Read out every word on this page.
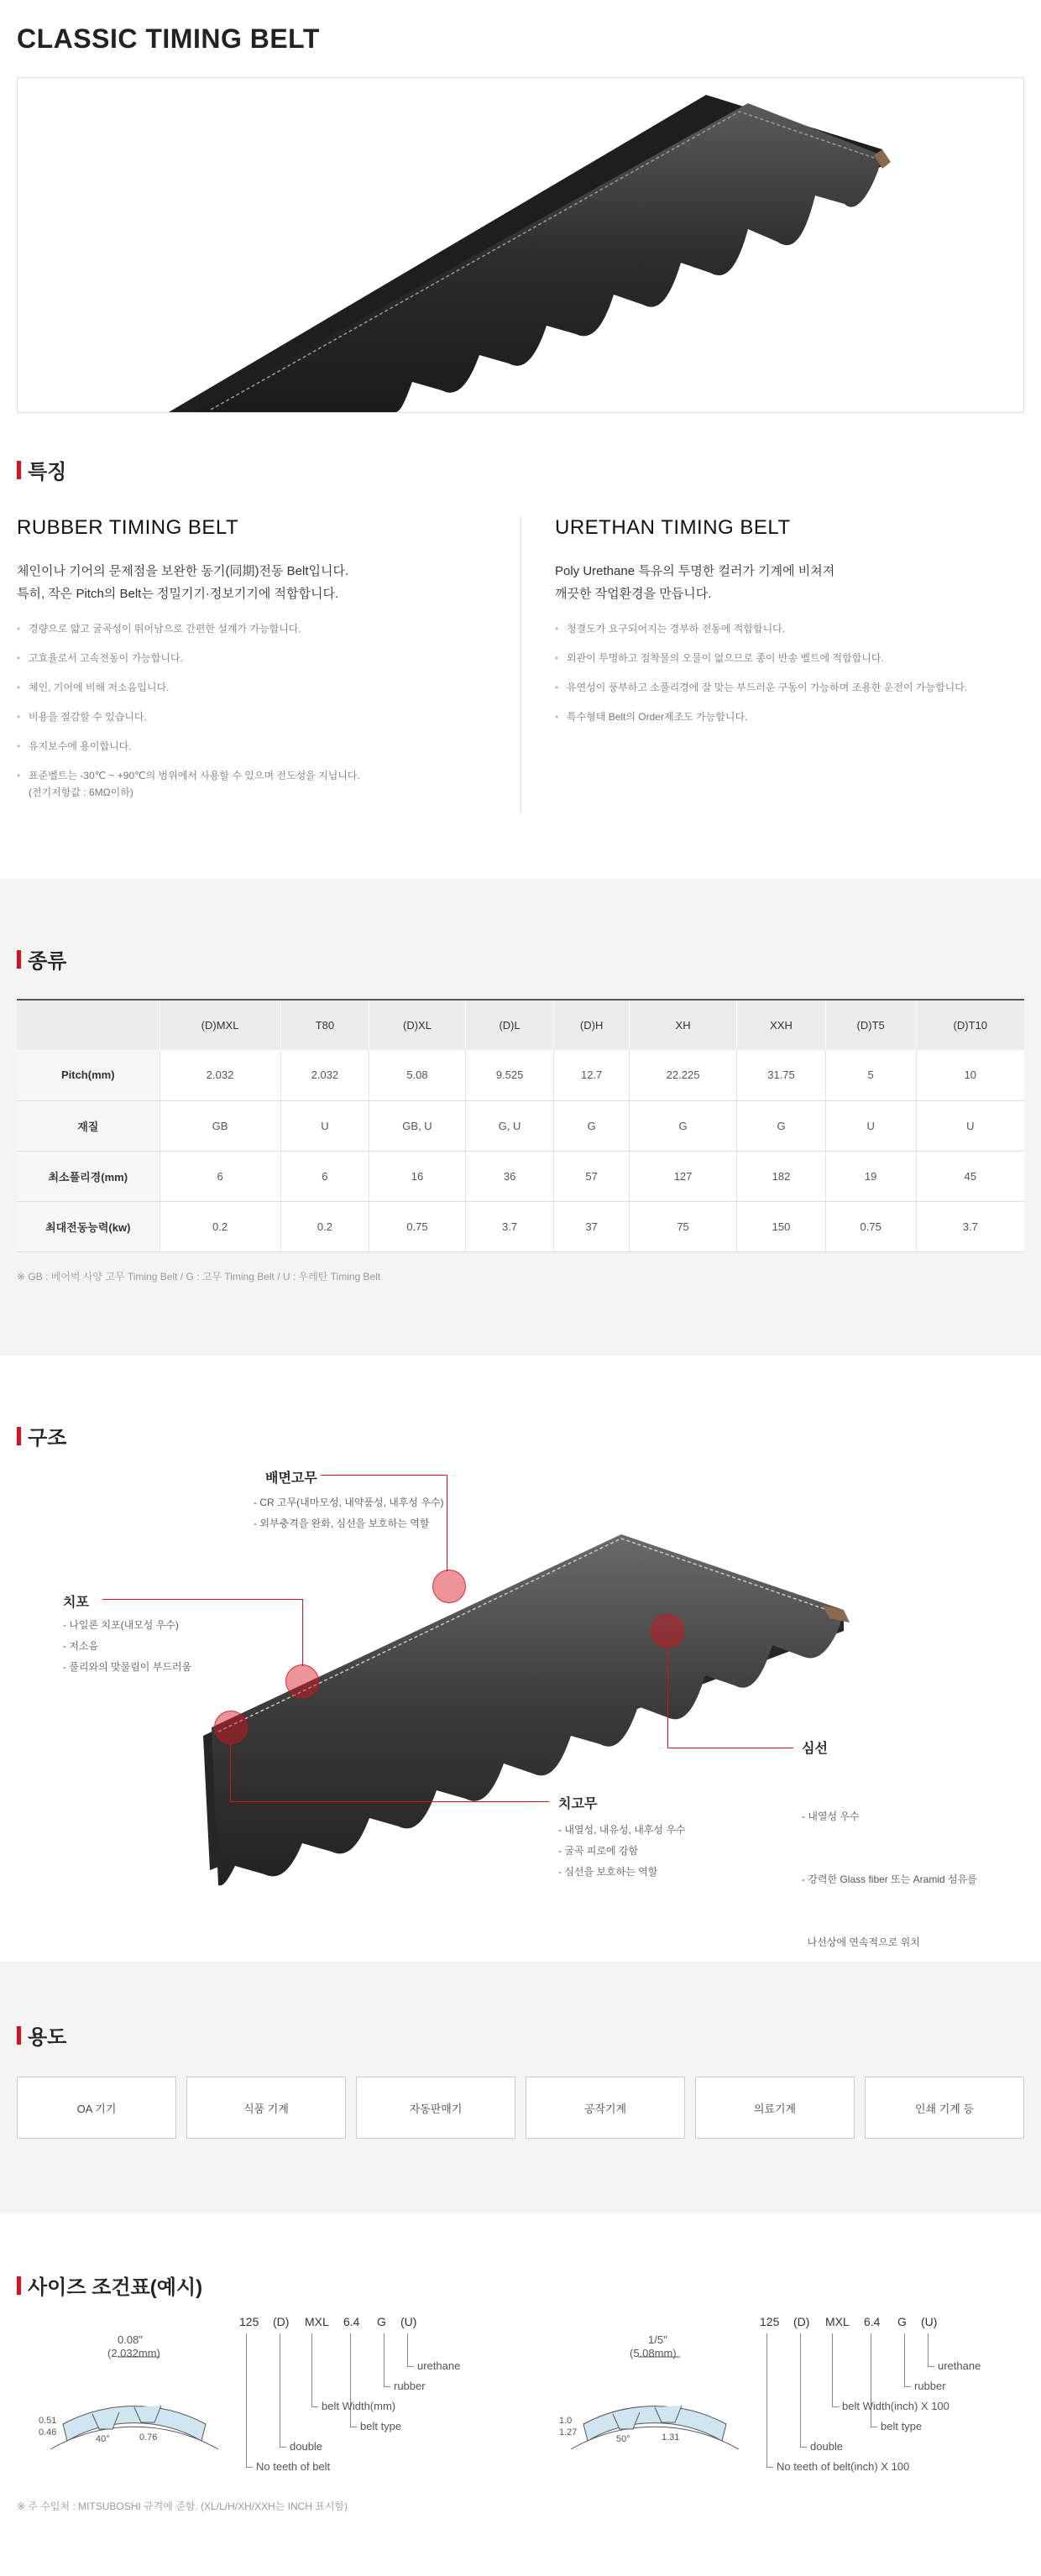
CLASSIC TIMING BELT
특징
RUBBER TIMING BELT

체인이나 기어의 문제점을 보완한 동기(同期)전동 Belt입니다.
특히, 작은 Pitch의 Belt는 정밀기기·정보기기에 적합합니다.

• 경량으로 얇고 굴곡성이 뛰어남으로 간편한 설계가 가능합니다.
• 고효율로서 고속전동이 가능합니다.
• 체인, 기어에 비해 저소음입니다.
• 비용을 절감할 수 있습니다.
• 유지보수에 용이합니다.
• 표준벨트는 -30℃ ~ +90℃의 범위에서 사용할 수 있으며 전도성을 지닙니다.
(전기저항값 : 6MΩ이하)
URETHAN TIMING BELT

Poly Urethane 특유의 투명한 컬러가 기계에 비쳐져
깨끗한 작업환경을 만듭니다.

• 청결도가 요구되어지는 경부하 전동에 적합합니다.
• 외관이 투명하고 점착물의 오물이 없으므로 종이 반송 벨트에 적합합니다.
• 유연성이 풍부하고 소풀리경에 잘 맞는 부드러운 구동이 가능하며 조용한 운전이 가능합니다.
• 특수형태 Belt의 Order제조도 가능합니다.
종류
	(D)MXL	T80	(D)XL	(D)L	(D)H	XH	XXH	(D)T5	(D)T10
Pitch(mm)	2.032	2.032	5.08	9.525	12.7	22.225	31.75	5	10
재질	GB	U	GB, U	G, U	G	G	G	U	U
최소풀리경(mm)	6	6	16	36	57	127	182	19	45
최대전동능력(kw)	0.2	0.2	0.75	3.7	37	75	150	0.75	3.7

※ GB : 베어벅 사양 고무 Timing Belt / G : 고무 Timing Belt / U : 우레탄 Timing Belt

구조
배면고무
- CR 고무(내마모성, 내약품성, 내후성 우수)
- 외부충격을 완화, 심선을 보호하는 역할
치포
- 나일론 치포(내모성 우수)
- 저소음
- 풀리와의 맞물림이 부드러움
심선

- 내열성 우수

- 강력한 Glass fiber 또는 Aramid 섬유를

나선상에 연속적으로 위치

치고무
- 내열성, 내유성, 내후성 우수
- 굴곡 피로에 강함
- 심선을 보호하는 역할
용도
OA 기기	식품 기계	자동판매기	공작기계	의료기계	인쇄 기계 등
사이즈 조건표(예시)
0.08"
(2.032mm)
0.51
0.46
40°	0.76
125 (D) MXL 6.4 G (U)
urethane
rubber
belt Width(mm)
belt type
double
No teeth of belt
1/5"
(5.08mm)
1.0
1.27
50°	1.31
125 (D) MXL 6.4 G (U)
urethane
rubber
belt Width(inch) X 100
belt type
double
No teeth of belt(inch) X 100

※ 주 수입처 : MITSUBOSHI 규격에 준함. (XL/L/H/XH/XXH는 INCH 표시함)
